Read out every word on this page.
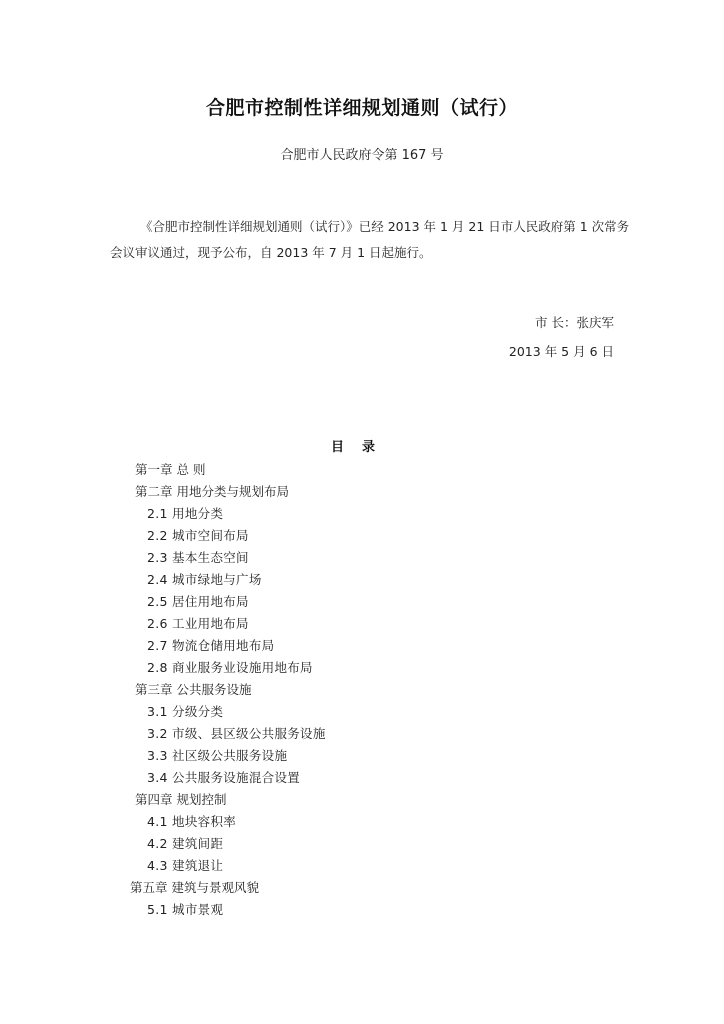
合肥市控制性详细规划通则（试行）
合肥市人民政府令第 167 号
《合肥市控制性详细规划通则（试行）》已经 2013 年 1 月 21 日市人民政府第 1 次常务
会议审议通过，现予公布，自 2013 年 7 月 1 日起施行。
市 长：张庆军
2013 年 5 月 6 日
目录
第一章 总 则
第二章 用地分类与规划布局
2.1 用地分类
2.2 城市空间布局
2.3 基本生态空间
2.4 城市绿地与广场
2.5 居住用地布局
2.6 工业用地布局
2.7 物流仓储用地布局
2.8 商业服务业设施用地布局
第三章 公共服务设施
3.1 分级分类
3.2 市级、县区级公共服务设施
3.3 社区级公共服务设施
3.4 公共服务设施混合设置
第四章 规划控制
4.1 地块容积率
4.2 建筑间距
4.3 建筑退让
第五章 建筑与景观风貌
5.1 城市景观
